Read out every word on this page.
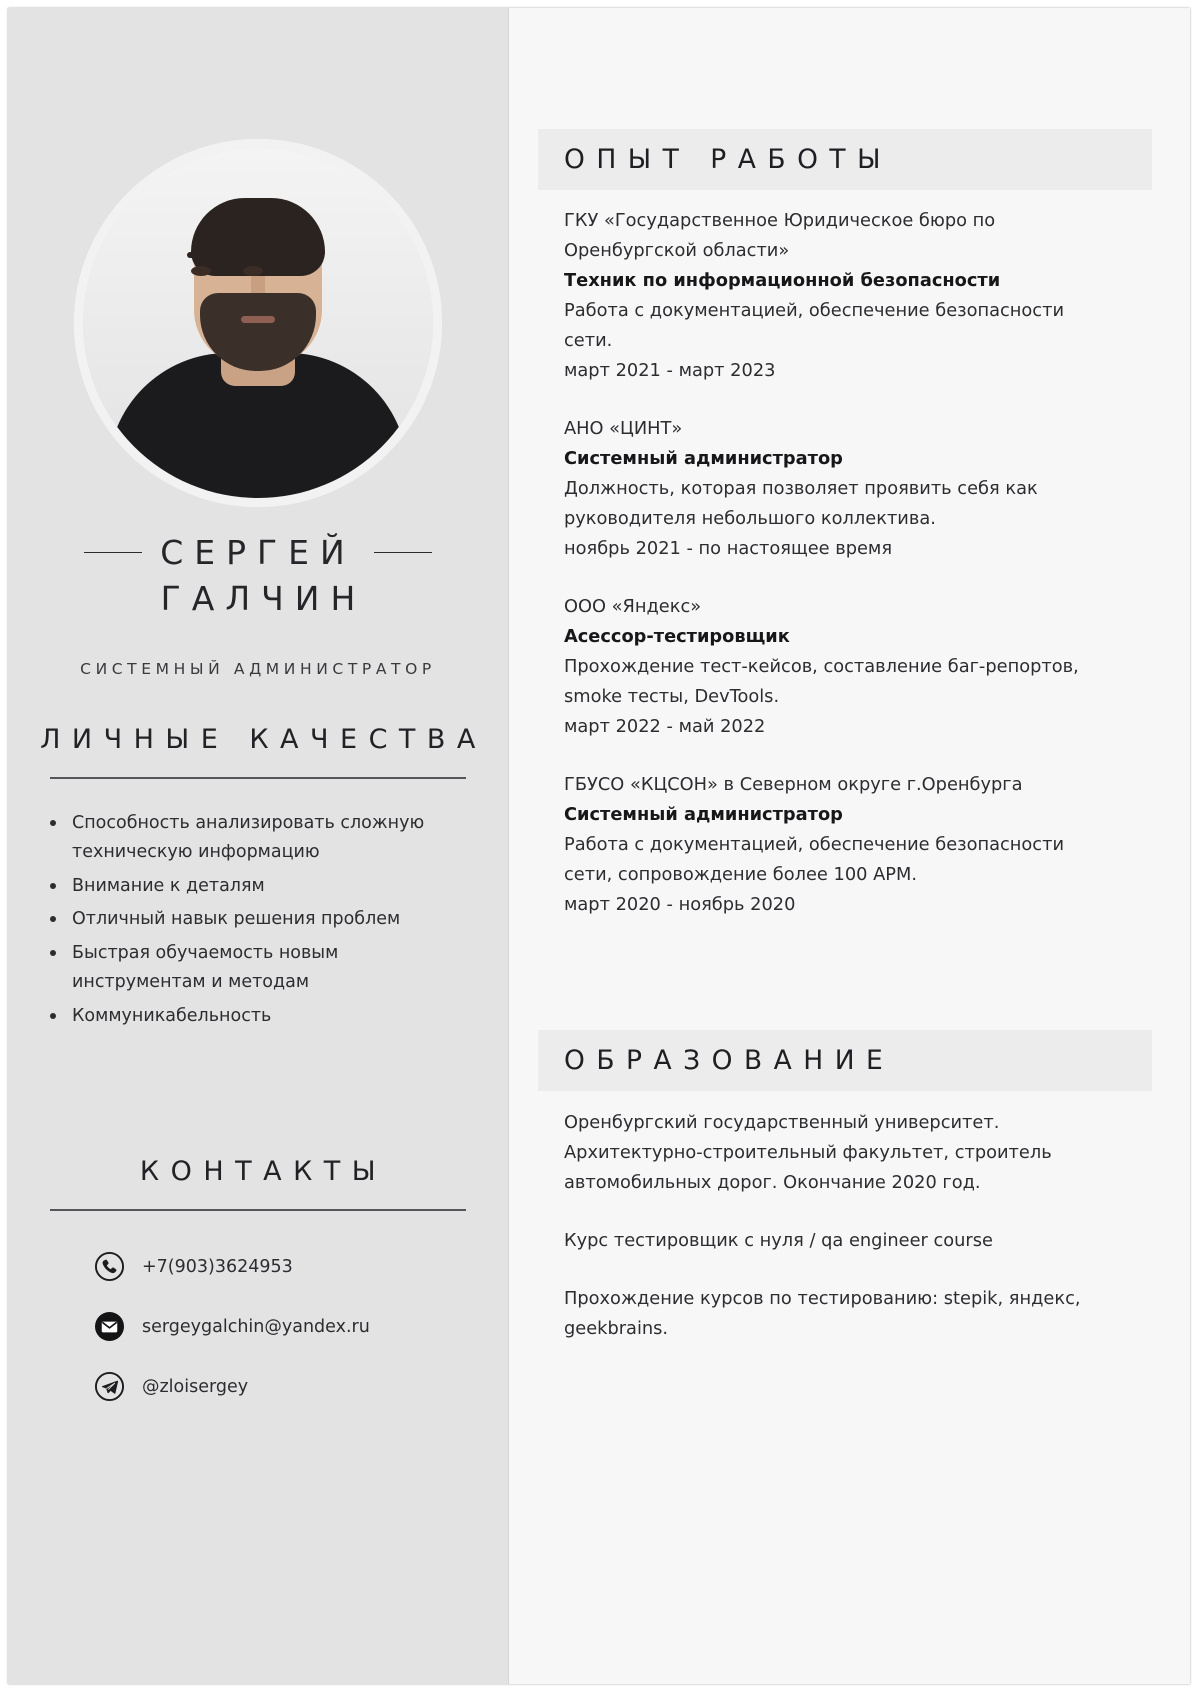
СЕРГЕЙ
ГАЛЧИН
СИСТЕМНЫЙ АДМИНИСТРАТОР
ЛИЧНЫЕ КАЧЕСТВА
Способность анализировать сложную техническую информацию
Внимание к деталям
Отличный навык решения проблем
Быстрая обучаемость новым инструментам и методам
Коммуникабельность
КОНТАКТЫ
+7(903)3624953
sergeygalchin@yandex.ru
@zloisergey
ОПЫТ РАБОТЫ
ГКУ «Государственное Юридическое бюро по Оренбургской области»
Техник по информационной безопасности
Работа с документацией, обеспечение безопасности сети.
март 2021 - март 2023
АНО «ЦИНТ»
Системный администратор
Должность, которая позволяет проявить себя как руководителя небольшого коллектива.
ноябрь 2021 - по настоящее время
ООО «Яндекс»
Асессор-тестировщик
Прохождение тест-кейсов, составление баг-репортов, smoke тесты, DevTools.
март 2022 - май 2022
ГБУСО «КЦСОН» в Северном округе г.Оренбурга
Системный администратор
Работа с документацией, обеспечение безопасности сети, сопровождение более 100 АРМ.
март 2020 - ноябрь 2020
ОБРАЗОВАНИЕ
Оренбургский государственный университет. Архитектурно-строительный факультет, строитель автомобильных дорог. Окончание 2020 год.
Курс тестировщик с нуля / qa engineer course
Прохождение курсов по тестированию: stepik, яндекс, geekbrains.
